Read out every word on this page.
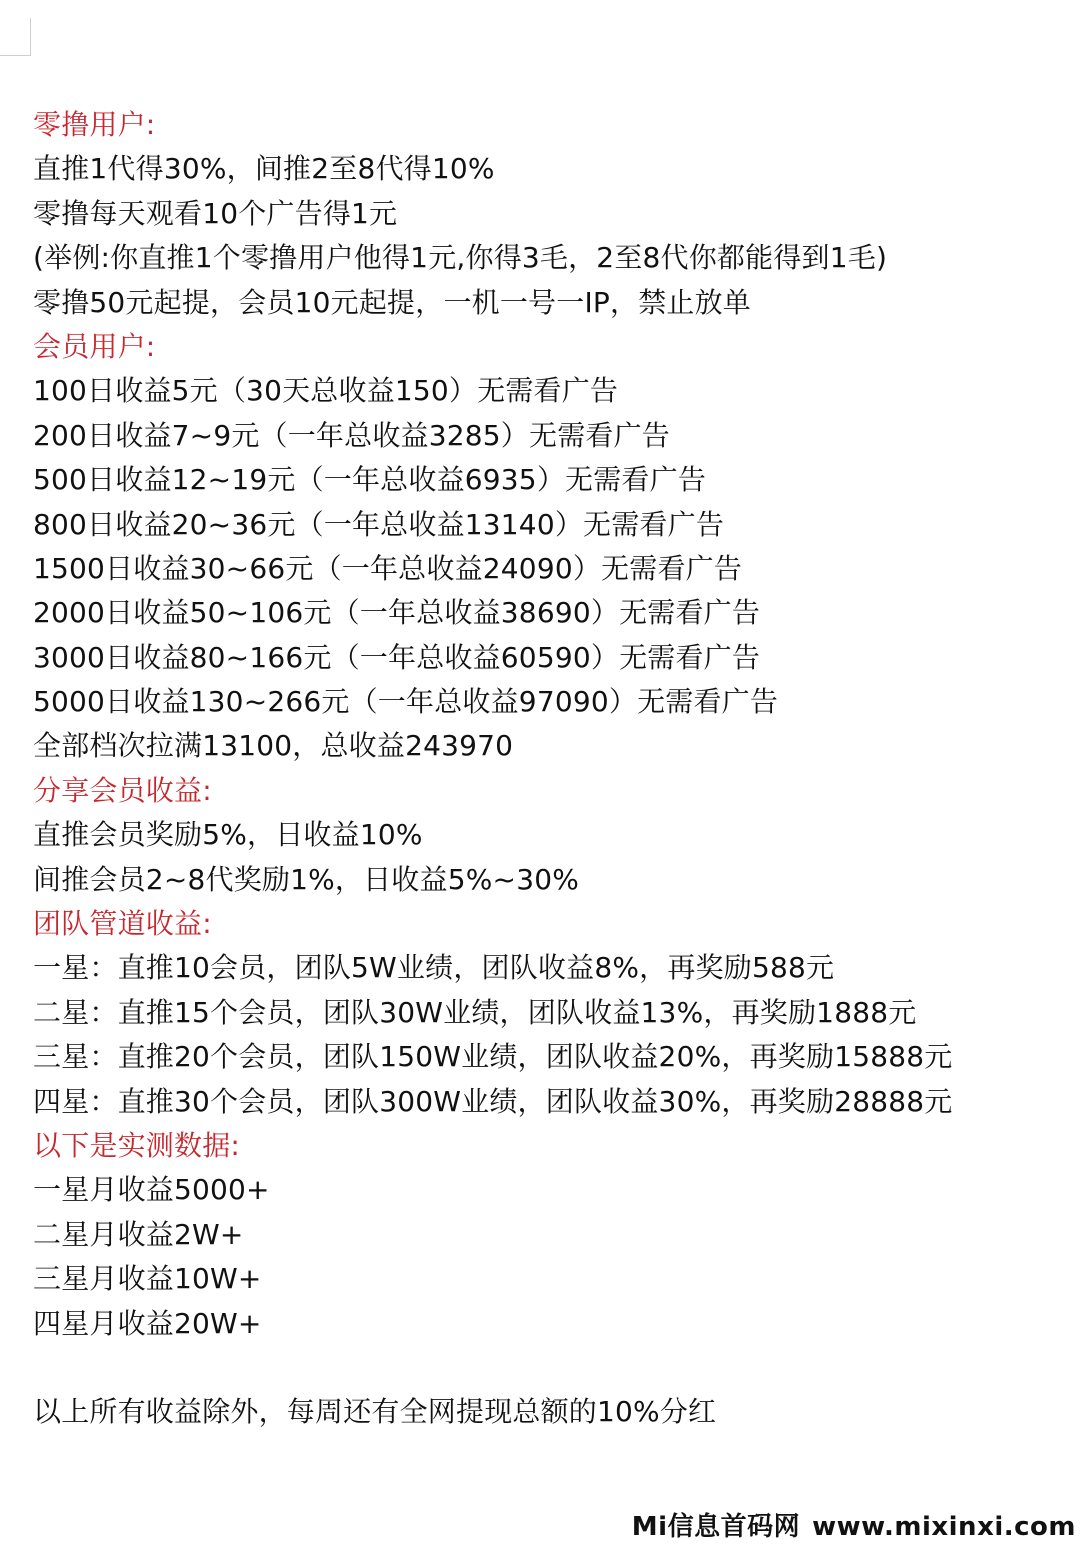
零撸用户:
直推1代得30%，间推2至8代得10%
零撸每天观看10个广告得1元
(举例:你直推1个零撸用户他得1元,你得3毛，2至8代你都能得到1毛)
零撸50元起提，会员10元起提，一机一号一IP，禁止放单
会员用户:
100日收益5元（30天总收益150）无需看广告
200日收益7~9元（一年总收益3285）无需看广告
500日收益12~19元（一年总收益6935）无需看广告
800日收益20~36元（一年总收益13140）无需看广告
1500日收益30~66元（一年总收益24090）无需看广告
2000日收益50~106元（一年总收益38690）无需看广告
3000日收益80~166元（一年总收益60590）无需看广告
5000日收益130~266元（一年总收益97090）无需看广告
全部档次拉满13100，总收益243970
分享会员收益:
直推会员奖励5%，日收益10%
间推会员2~8代奖励1%，日收益5%~30%
团队管道收益:
一星：直推10会员，团队5W业绩，团队收益8%，再奖励588元
二星：直推15个会员，团队30W业绩，团队收益13%，再奖励1888元
三星：直推20个会员，团队150W业绩，团队收益20%，再奖励15888元
四星：直推30个会员，团队300W业绩，团队收益30%，再奖励28888元
以下是实测数据:
一星月收益5000+
二星月收益2W+
三星月收益10W+
四星月收益20W+
以上所有收益除外，每周还有全网提现总额的10%分红
Mi信息首码网 www.mixinxi.com
